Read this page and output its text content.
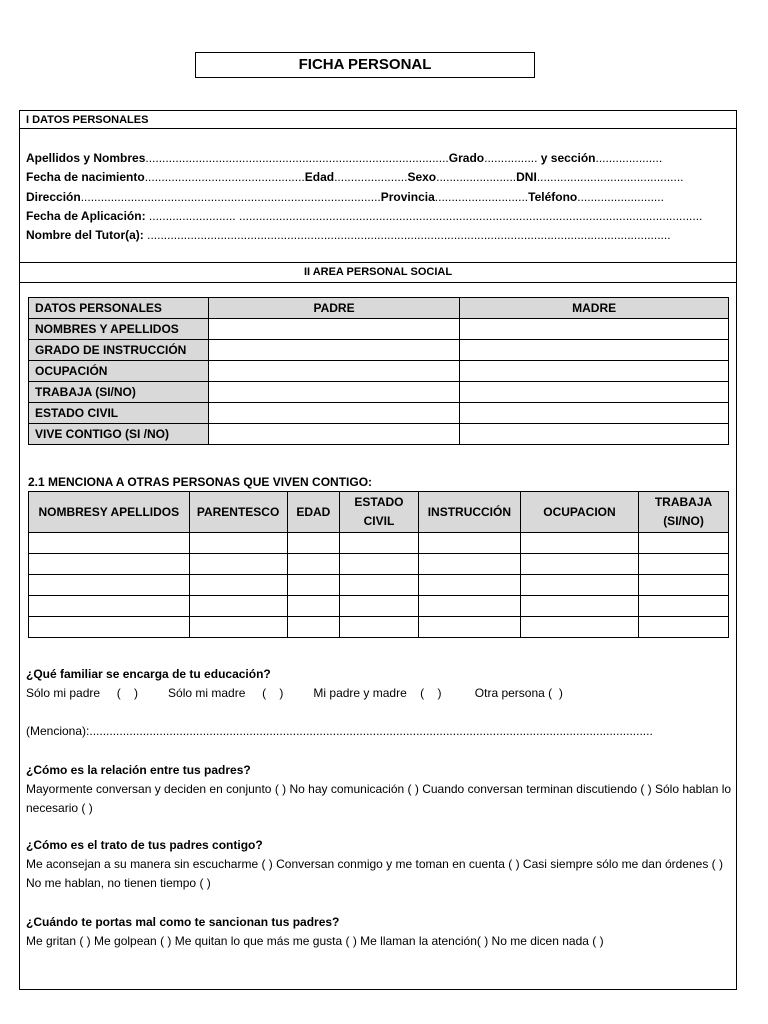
FICHA PERSONAL
I DATOS PERSONALES
Apellidos y Nombres...........................................................................................Grado................ y sección....................
Fecha de nacimiento................................................Edad......................Sexo........................DNI............................................
Dirección..........................................................................................Provincia............................Teléfono..........................
Fecha de Aplicación: .......................... ...........................................................................................................................................
Nombre del Tutor(a): .............................................................................................................................................................
II AREA PERSONAL SOCIAL
DATOS PERSONALES	PADRE	MADRE
NOMBRES Y APELLIDOS		
GRADO DE INSTRUCCIÓN		
OCUPACIÓN		
TRABAJA (SI/NO)		
ESTADO CIVIL		
VIVE CONTIGO (SI /NO)		
2.1 MENCIONA A OTRAS PERSONAS QUE VIVEN CONTIGO:
NOMBRESY APELLIDOS	PARENTESCO	EDAD	ESTADO CIVIL	INSTRUCCIÓN	OCUPACION	TRABAJA (SI/NO)

¿Qué familiar se encarga de tu educación?
Sólo mi padre     (    )         Sólo mi madre     (    )         Mi padre y madre    (    )          Otra persona (  )
(Menciona):.........................................................................................................................................................................
¿Cómo es la relación entre tus padres?
Mayormente conversan y deciden en conjunto ( ) No hay comunicación ( ) Cuando conversan terminan discutiendo ( ) Sólo hablan lo necesario ( )
¿Cómo es el trato de tus padres contigo?
Me aconsejan a su manera sin escucharme ( ) Conversan conmigo y me toman en cuenta ( ) Casi siempre sólo me dan órdenes ( ) No me hablan, no tienen tiempo ( )
¿Cuándo te portas mal como te sancionan tus padres?
Me gritan ( ) Me golpean ( ) Me quitan lo que más me gusta ( ) Me llaman la atención( ) No me dicen nada ( )
